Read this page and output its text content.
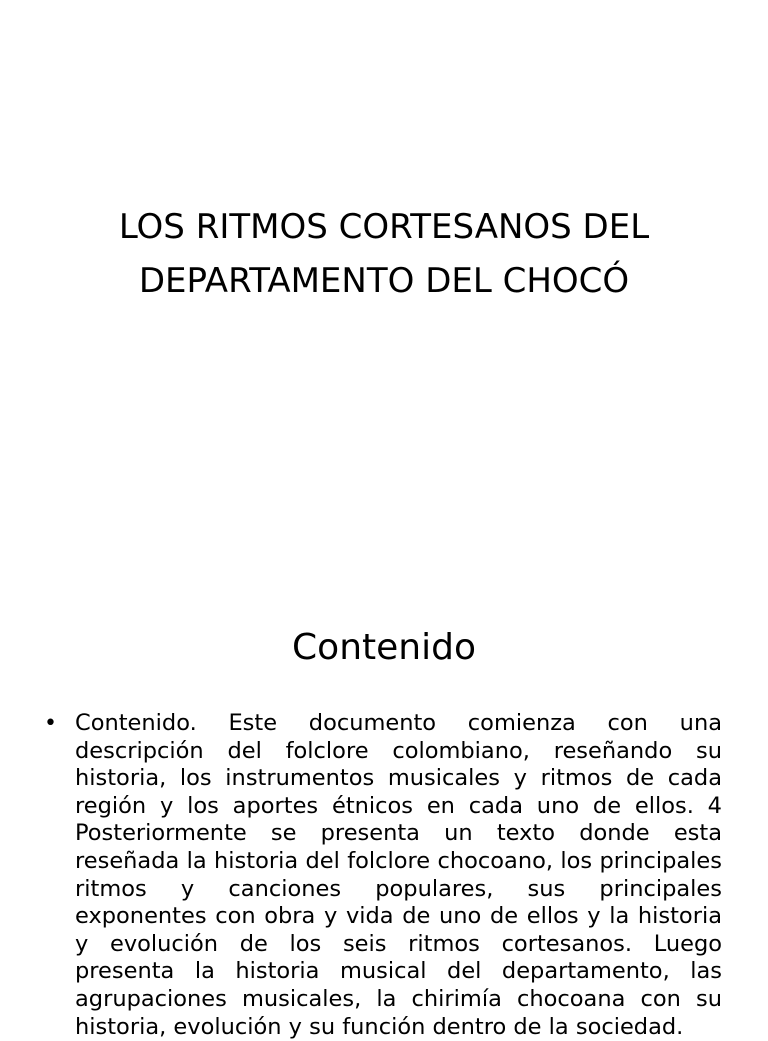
LOS RITMOS CORTESANOS DEL DEPARTAMENTO DEL CHOCÓ
Contenido
• Contenido. Este documento comienza con una descripción del folclore colombiano, reseñando su historia, los instrumentos musicales y ritmos de cada región y los aportes étnicos en cada uno de ellos. 4 Posteriormente se presenta un texto donde esta reseñada la historia del folclore chocoano, los principales ritmos y canciones populares, sus principales exponentes con obra y vida de uno de ellos y la historia y evolución de los seis ritmos cortesanos. Luego presenta la historia musical del departamento, las agrupaciones musicales, la chirimía chocoana con su historia, evolución y su función dentro de la sociedad.
